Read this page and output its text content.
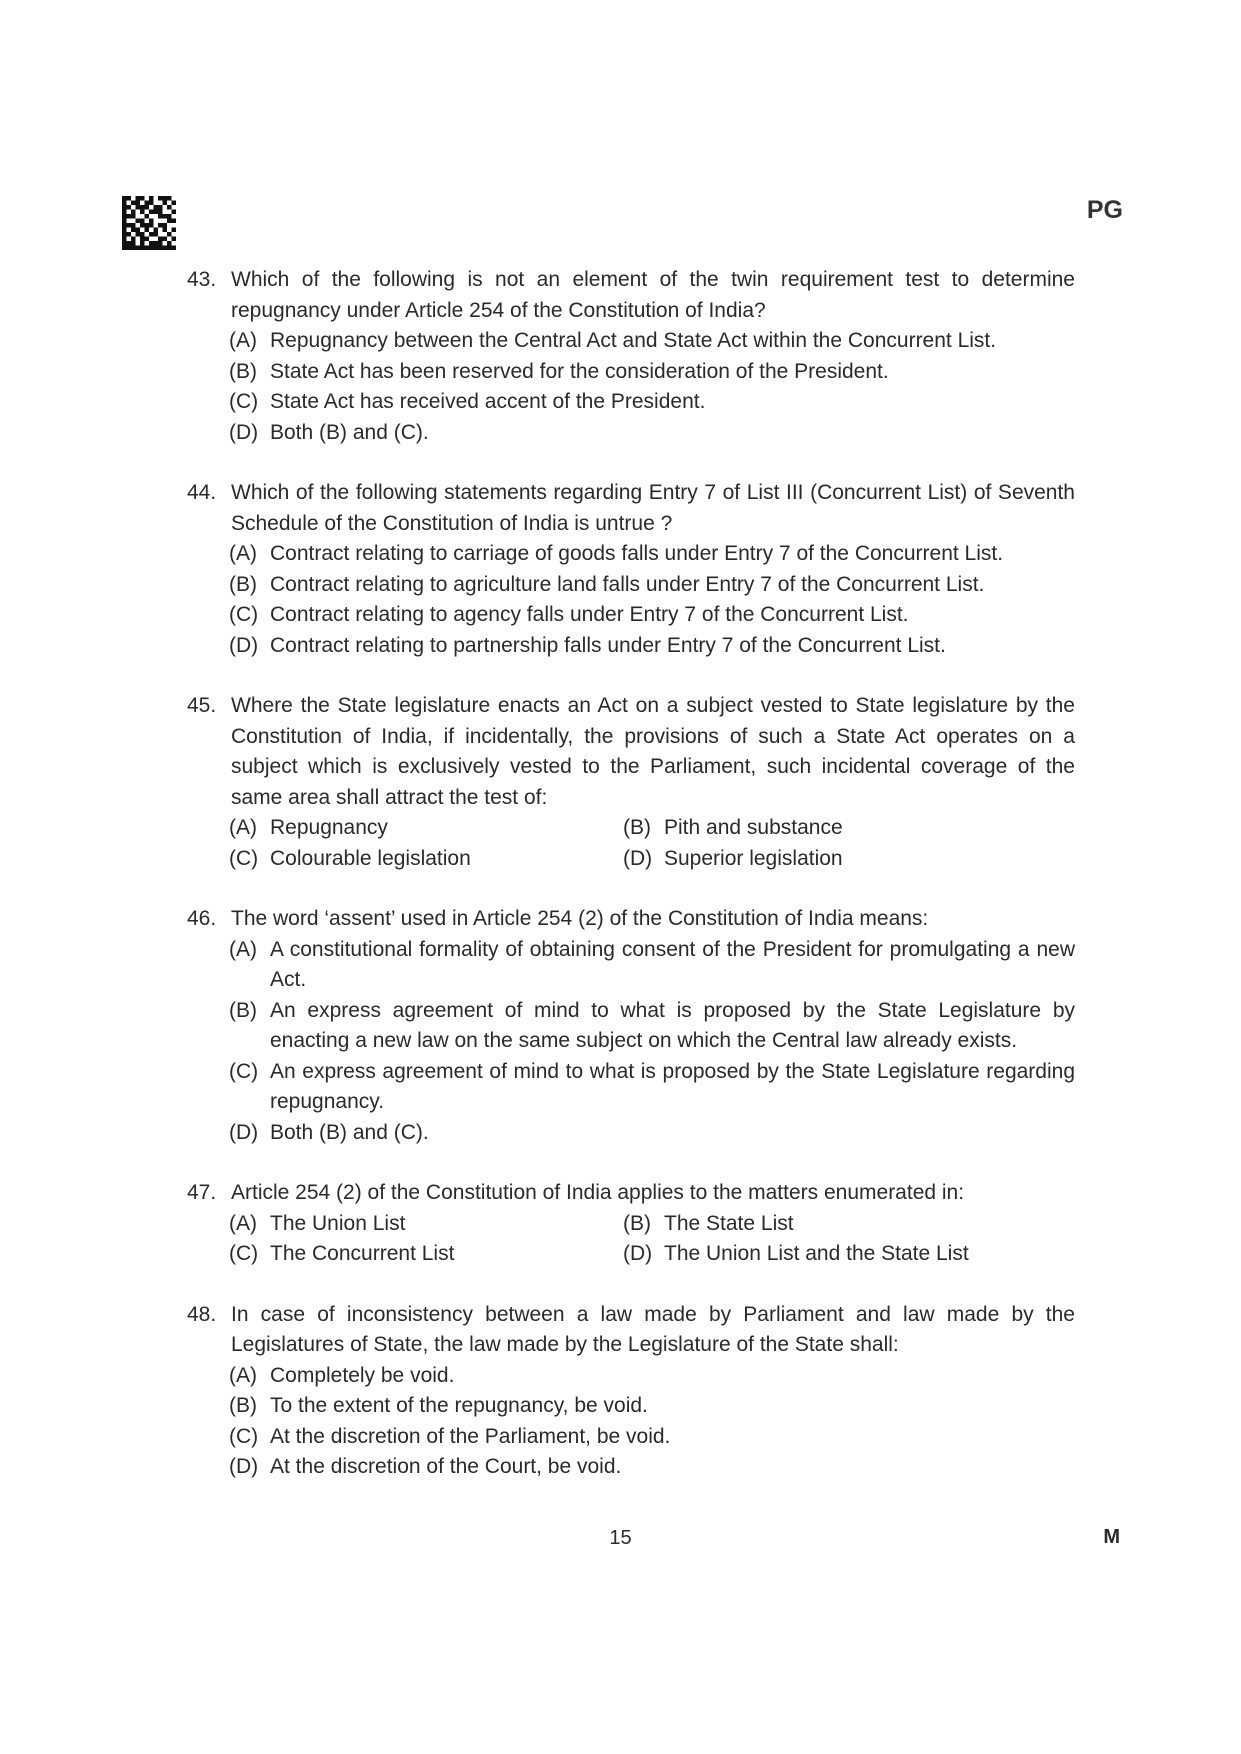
PG
43. Which of the following is not an element of the twin requirement test to determine repugnancy under Article 254 of the Constitution of India?
(A) Repugnancy between the Central Act and State Act within the Concurrent List.
(B) State Act has been reserved for the consideration of the President.
(C) State Act has received accent of the President.
(D) Both (B) and (C).
44. Which of the following statements regarding Entry 7 of List III (Concurrent List) of Seventh Schedule of the Constitution of India is untrue ?
(A) Contract relating to carriage of goods falls under Entry 7 of the Concurrent List.
(B) Contract relating to agriculture land falls under Entry 7 of the Concurrent List.
(C) Contract relating to agency falls under Entry 7 of the Concurrent List.
(D) Contract relating to partnership falls under Entry 7 of the Concurrent List.
45. Where the State legislature enacts an Act on a subject vested to State legislature by the Constitution of India, if incidentally, the provisions of such a State Act operates on a subject which is exclusively vested to the Parliament, such incidental coverage of the same area shall attract the test of:
(A) Repugnancy	(B) Pith and substance
(C) Colourable legislation	(D) Superior legislation
46. The word ‘assent’ used in Article 254 (2) of the Constitution of India means:
(A) A constitutional formality of obtaining consent of the President for promulgating a new Act.
(B) An express agreement of mind to what is proposed by the State Legislature by enacting a new law on the same subject on which the Central law already exists.
(C) An express agreement of mind to what is proposed by the State Legislature regarding repugnancy.
(D) Both (B) and (C).
47. Article 254 (2) of the Constitution of India applies to the matters enumerated in:
(A) The Union List	(B) The State List
(C) The Concurrent List	(D) The Union List and the State List
48. In case of inconsistency between a law made by Parliament and law made by the Legislatures of State, the law made by the Legislature of the State shall:
(A) Completely be void.
(B) To the extent of the repugnancy, be void.
(C) At the discretion of the Parliament, be void.
(D) At the discretion of the Court, be void.
15	M
